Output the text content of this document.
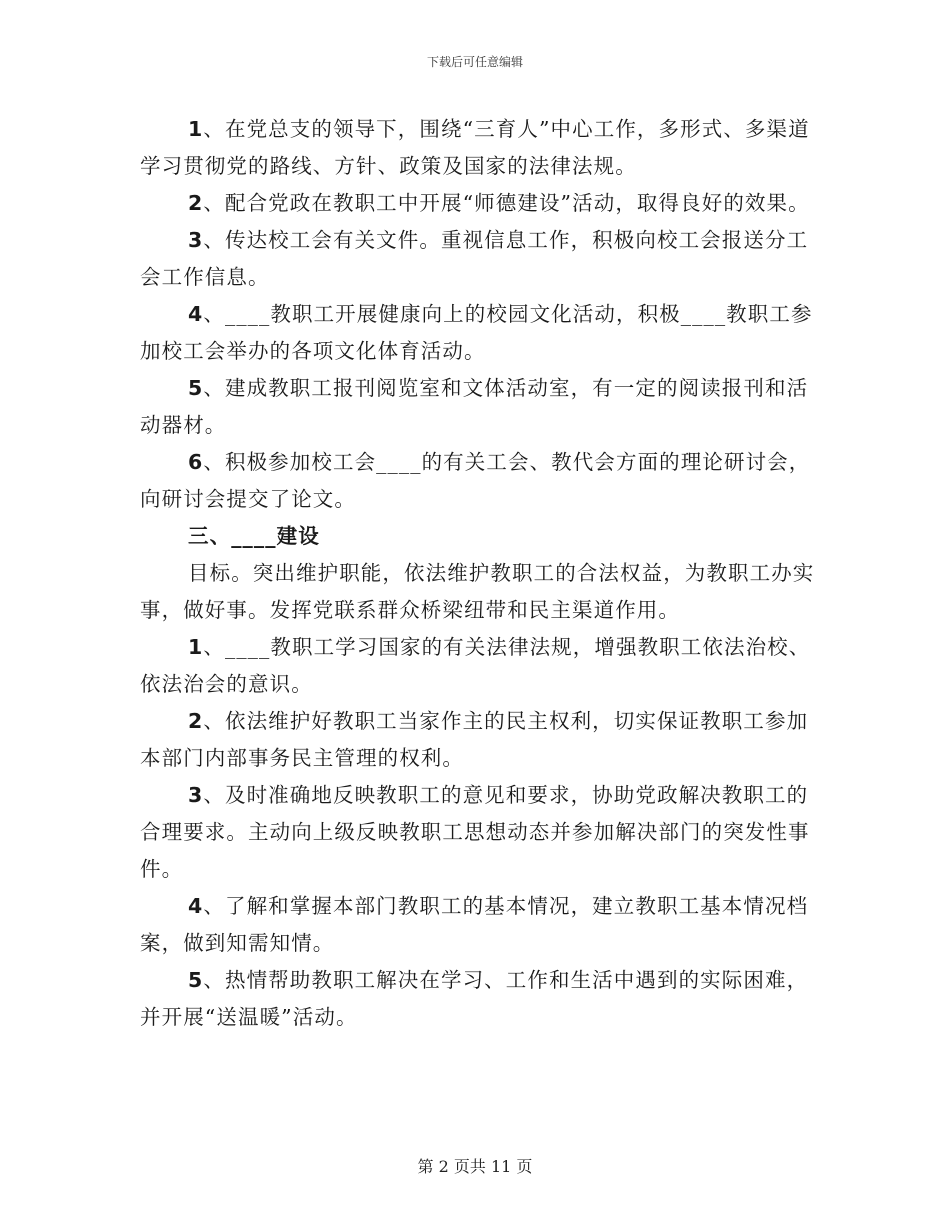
下载后可任意编辑

1、在党总支的领导下，围绕“三育人”中心工作，多形式、多渠道学习贯彻党的路线、方针、政策及国家的法律法规。

2、配合党政在教职工中开展“师德建设”活动，取得良好的效果。

3、传达校工会有关文件。重视信息工作，积极向校工会报送分工会工作信息。

4、____教职工开展健康向上的校园文化活动，积极____教职工参加校工会举办的各项文化体育活动。

5、建成教职工报刊阅览室和文体活动室，有一定的阅读报刊和活动器材。

6、积极参加校工会____的有关工会、教代会方面的理论研讨会，向研讨会提交了论文。

三、____建设

目标。突出维护职能，依法维护教职工的合法权益，为教职工办实事，做好事。发挥党联系群众桥梁纽带和民主渠道作用。

1、____教职工学习国家的有关法律法规，增强教职工依法治校、依法治会的意识。

2、依法维护好教职工当家作主的民主权利，切实保证教职工参加本部门内部事务民主管理的权利。

3、及时准确地反映教职工的意见和要求，协助党政解决教职工的合理要求。主动向上级反映教职工思想动态并参加解决部门的突发性事件。

4、了解和掌握本部门教职工的基本情况，建立教职工基本情况档案，做到知需知情。

5、热情帮助教职工解决在学习、工作和生活中遇到的实际困难，并开展“送温暖”活动。

第 2 页共 11 页
